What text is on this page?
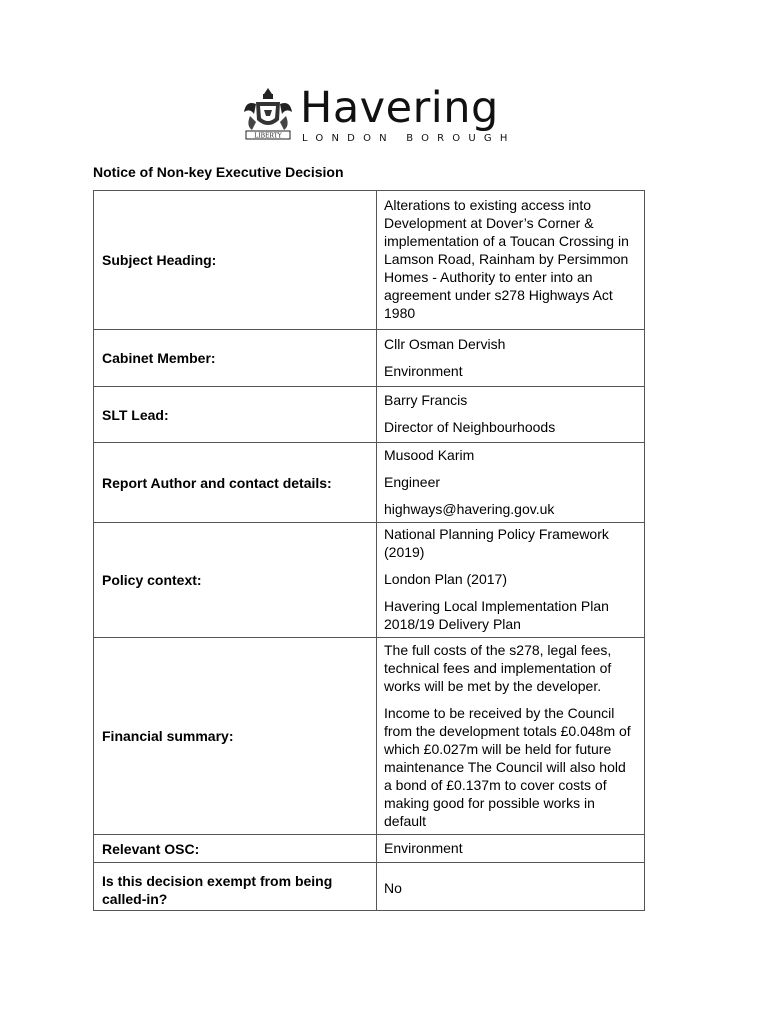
LIBERTY
Havering
LONDON BOROUGH
Notice of Non-key Executive Decision
Subject Heading:	Alterations to existing access into Development at Dover’s Corner & implementation of a Toucan Crossing in Lamson Road, Rainham by Persimmon Homes - Authority to enter into an agreement under s278 Highways Act 1980
Cabinet Member:	Cllr Osman Dervish

Environment

SLT Lead:	Barry Francis

Director of Neighbourhoods

Report Author and contact details:	Musood Karim

Engineer

highways@havering.gov.uk

Policy context:	National Planning Policy Framework (2019)

London Plan (2017)

Havering Local Implementation Plan 2018/19 Delivery Plan

Financial summary:	The full costs of the s278, legal fees, technical fees and implementation of works will be met by the developer.

Income to be received by the Council from the development totals £0.048m of which £0.027m will be held for future maintenance The Council will also hold a bond of £0.137m to cover costs of making good for possible works in default

Relevant OSC:	Environment
Is this decision exempt from being called-in?	No
